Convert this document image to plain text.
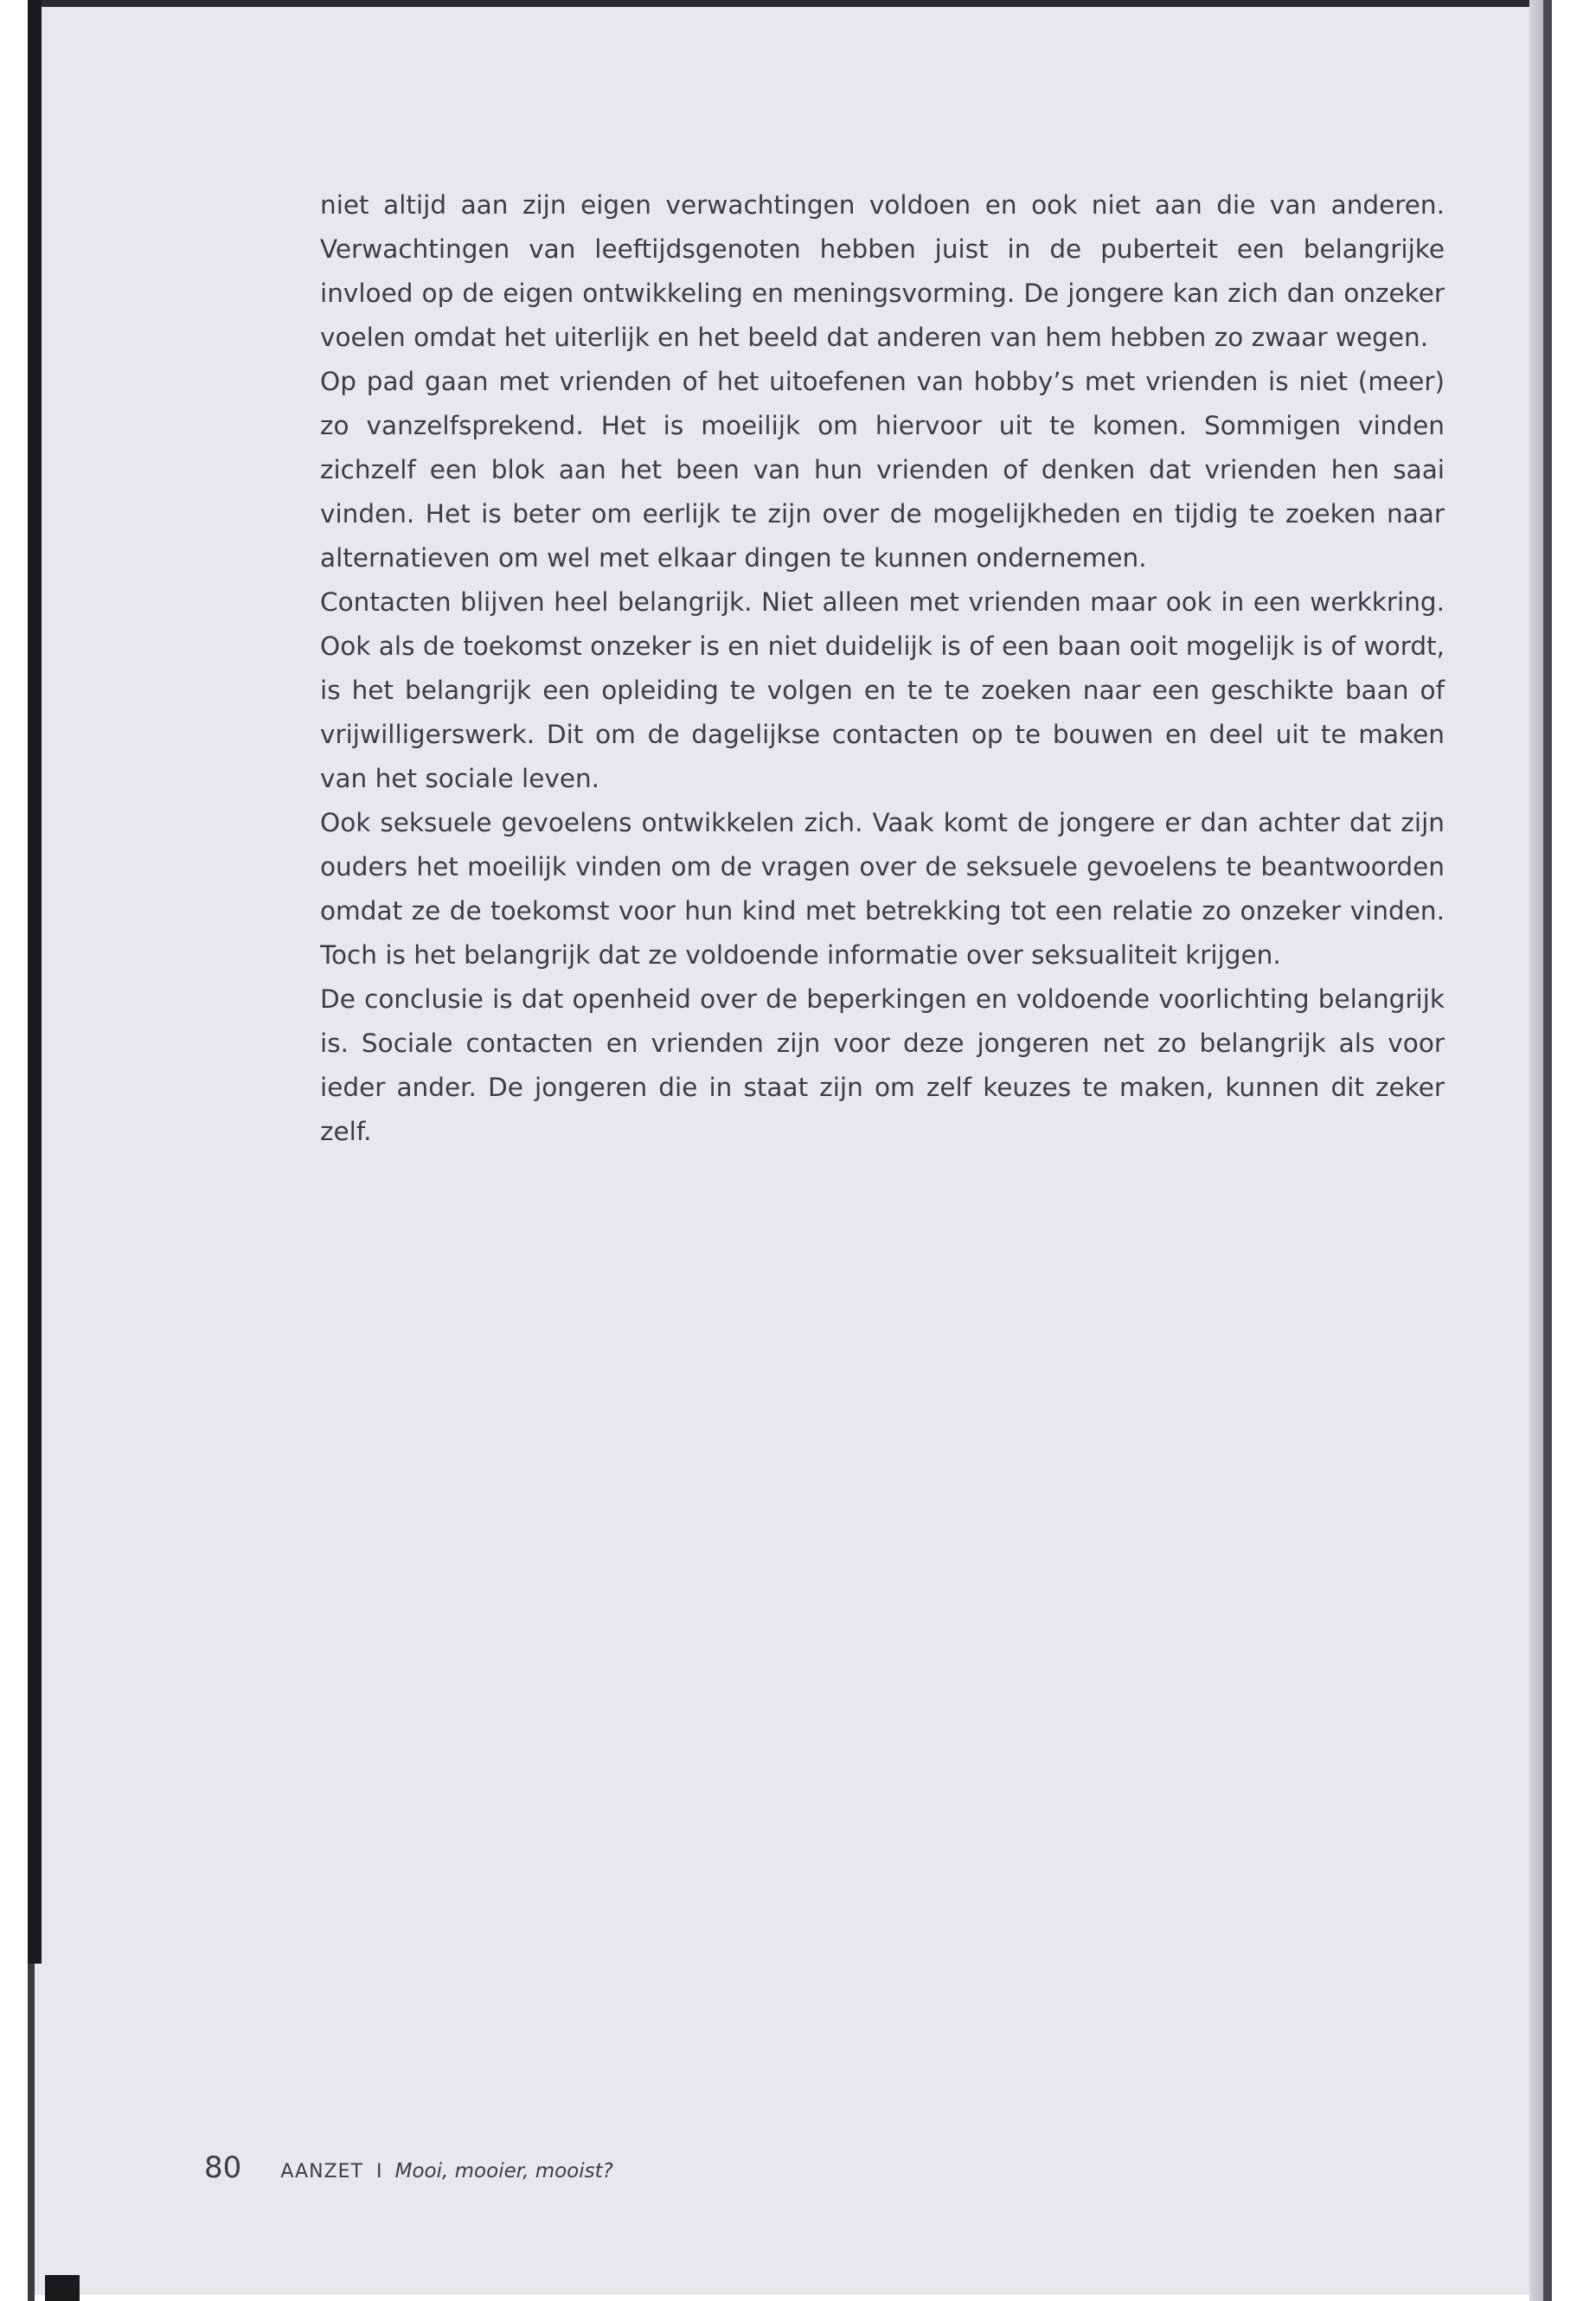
niet altijd aan zijn eigen verwachtingen voldoen en ook niet aan die van anderen. Verwachtingen van leeftijdsgenoten hebben juist in de puberteit een belangrijke invloed op de eigen ontwikkeling en meningsvorming. De jongere kan zich dan onzeker voelen omdat het uiterlijk en het beeld dat anderen van hem hebben zo zwaar wegen.

Op pad gaan met vrienden of het uitoefenen van hobby’s met vrienden is niet (meer) zo vanzelfsprekend. Het is moeilijk om hiervoor uit te komen. Sommigen vinden zichzelf een blok aan het been van hun vrienden of denken dat vrienden hen saai vinden. Het is beter om eerlijk te zijn over de mogelijkheden en tijdig te zoeken naar alternatieven om wel met elkaar dingen te kunnen ondernemen.

Contacten blijven heel belangrijk. Niet alleen met vrienden maar ook in een werkkring. Ook als de toekomst onzeker is en niet duidelijk is of een baan ooit mogelijk is of wordt, is het belangrijk een opleiding te volgen en te te zoeken naar een geschikte baan of vrijwilligerswerk. Dit om de dagelijkse contacten op te bouwen en deel uit te maken van het sociale leven.

Ook seksuele gevoelens ontwikkelen zich. Vaak komt de jongere er dan achter dat zijn ouders het moeilijk vinden om de vragen over de seksuele gevoelens te beantwoorden omdat ze de toekomst voor hun kind met betrekking tot een relatie zo onzeker vinden. Toch is het belangrijk dat ze voldoende informatie over seksualiteit krijgen.

De conclusie is dat openheid over de beperkingen en voldoende voorlichting belangrijk is. Sociale contacten en vrienden zijn voor deze jongeren net zo belangrijk als voor ieder ander. De jongeren die in staat zijn om zelf keuzes te maken, kunnen dit zeker zelf.

80 AANZET I Mooi, mooier, mooist?
